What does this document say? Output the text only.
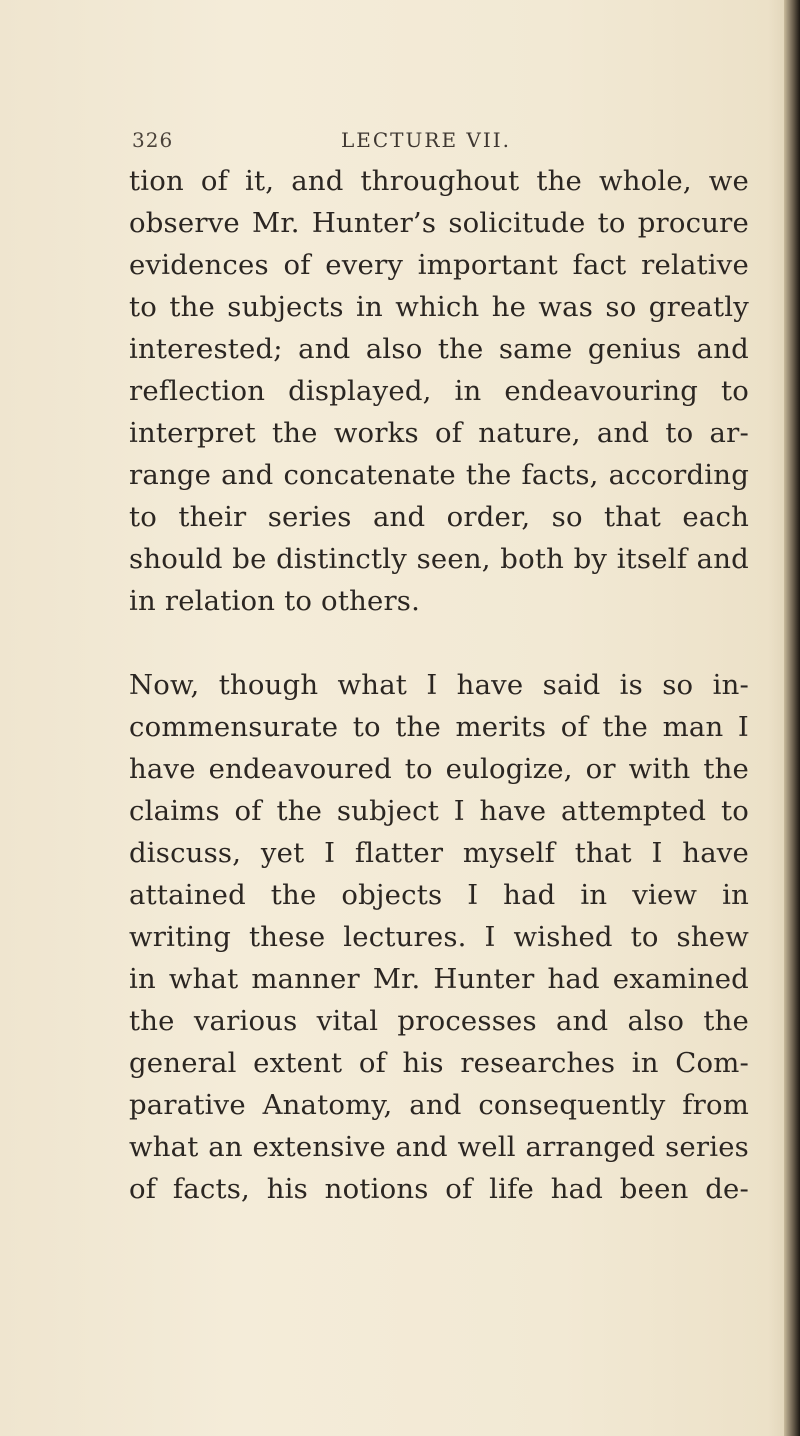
326	LECTURE VII.
tion of it, and throughout the whole, we
observe Mr. Hunter’s solicitude to procure
evidences of every important fact relative
to the subjects in which he was so greatly
interested; and also the same genius and
reflection displayed, in endeavouring to
interpret the works of nature, and to ar-
range and concatenate the facts, according
to their series and order, so that each
should be distinctly seen, both by itself and
in relation to others.
Now, though what I have said is so in-
commensurate to the merits of the man I
have endeavoured to eulogize, or with the
claims of the subject I have attempted to
discuss, yet I flatter myself that I have
attained the objects I had in view in
writing these lectures. I wished to shew
in what manner Mr. Hunter had examined
the various vital processes and also the
general extent of his researches in Com-
parative Anatomy, and consequently from
what an extensive and well arranged series
of facts, his notions of life had been de-
